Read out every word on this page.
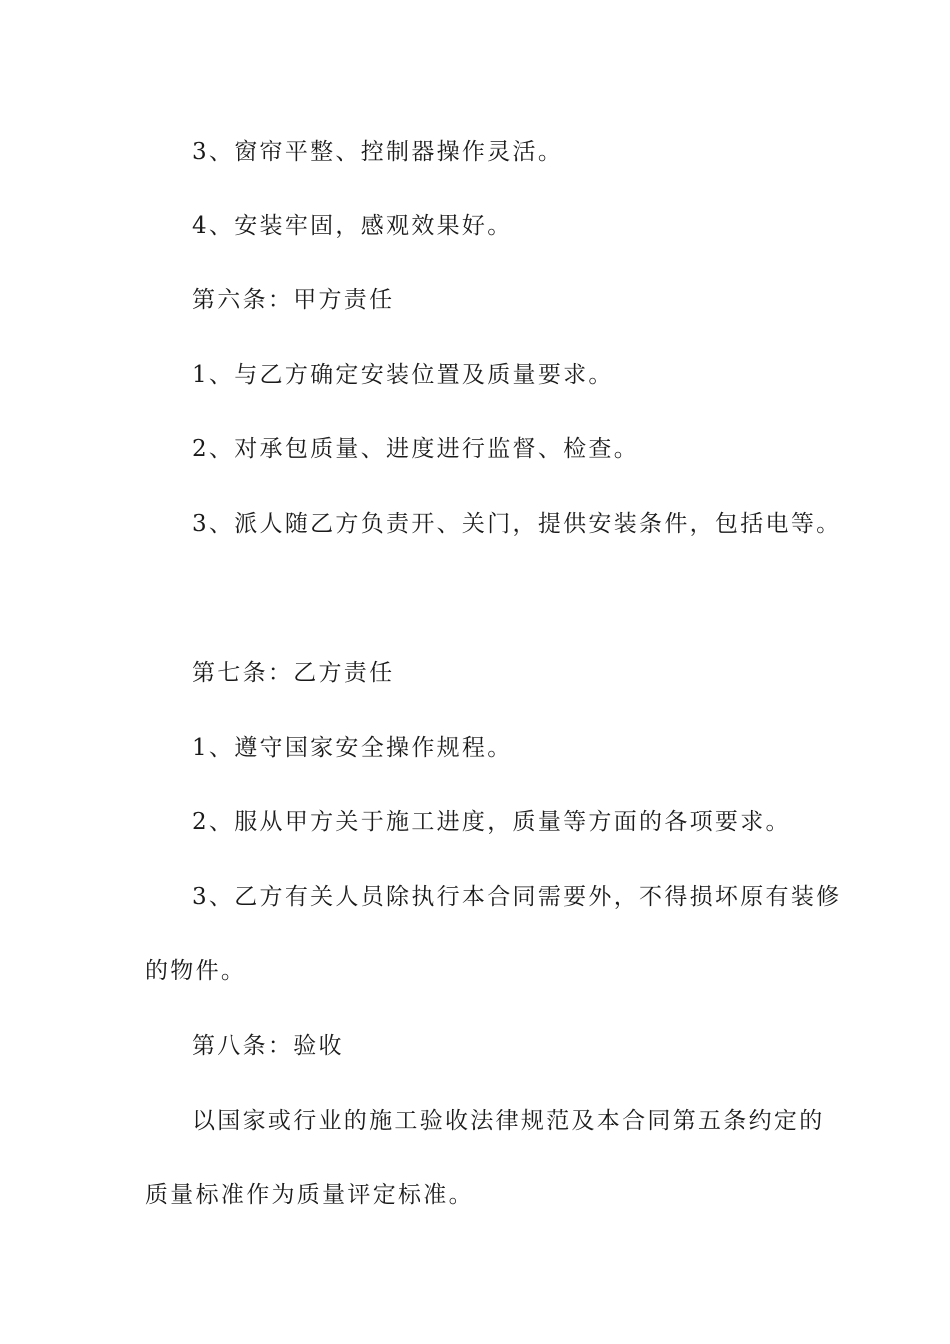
3、窗帘平整、控制器操作灵活。
4、安装牢固，感观效果好。
第六条：甲方责任
1、与乙方确定安装位置及质量要求。
2、对承包质量、进度进行监督、检查。
3、派人随乙方负责开、关门，提供安装条件，包括电等。
第七条：乙方责任
1、遵守国家安全操作规程。
2、服从甲方关于施工进度，质量等方面的各项要求。
3、乙方有关人员除执行本合同需要外，不得损坏原有装修
的物件。
第八条：验收
以国家或行业的施工验收法律规范及本合同第五条约定的
质量标准作为质量评定标准。
